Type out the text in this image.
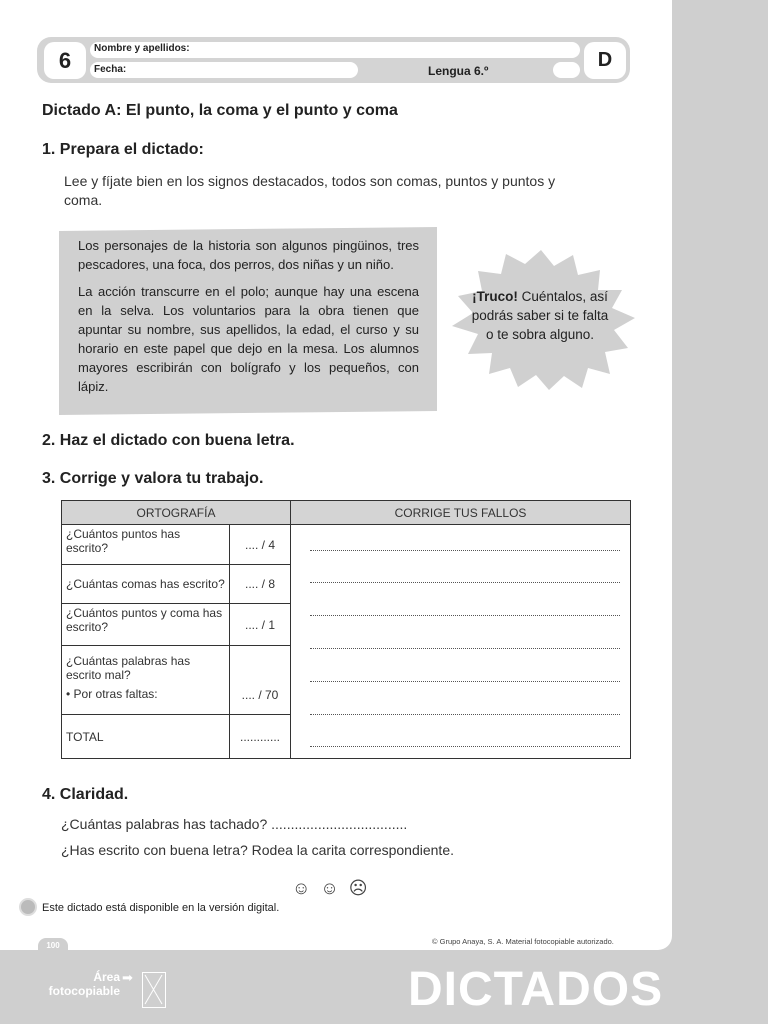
6	Nombre y apellidos:
Fecha:	Lengua 6.º	D
Dictado A: El punto, la coma y el punto y coma
1. Prepara el dictado:
Lee y fíjate bien en los signos destacados, todos son comas, puntos y puntos y coma.

Los personajes de la historia son algunos pingüinos, tres pescadores, una foca, dos perros, dos niñas y un niño.

La acción transcurre en el polo; aunque hay una escena en la selva. Los voluntarios para la obra tienen que apuntar su nombre, sus apellidos, la edad, el curso y su horario en este papel que dejo en la mesa. Los alumnos mayores escribirán con bolígrafo y los pequeños, con lápiz.

¡Truco! Cuéntalos, así podrás saber si te falta o te sobra alguno.
2. Haz el dictado con buena letra.
3. Corrige y valora tu trabajo.
ORTOGRAFÍA		CORRIGE TUS FALLOS
¿Cuántos puntos has escrito?	.... / 4	
¿Cuántas comas has escrito?	.... / 8	
¿Cuántos puntos y coma has escrito?	.... / 1	

¿Cuántas palabras has escrito mal?
• Por otras faltas:	.... / 70	
TOTAL	............	
4. Claridad.
¿Cuántas palabras has tachado? ...................................
¿Has escrito con buena letra? Rodea la carita correspondiente.
☺☺☹
Este dictado está disponible en la versión digital.
© Grupo Anaya, S. A. Material fotocopiable autorizado.
100
Área
fotocopiable
➡	DICTADOS
